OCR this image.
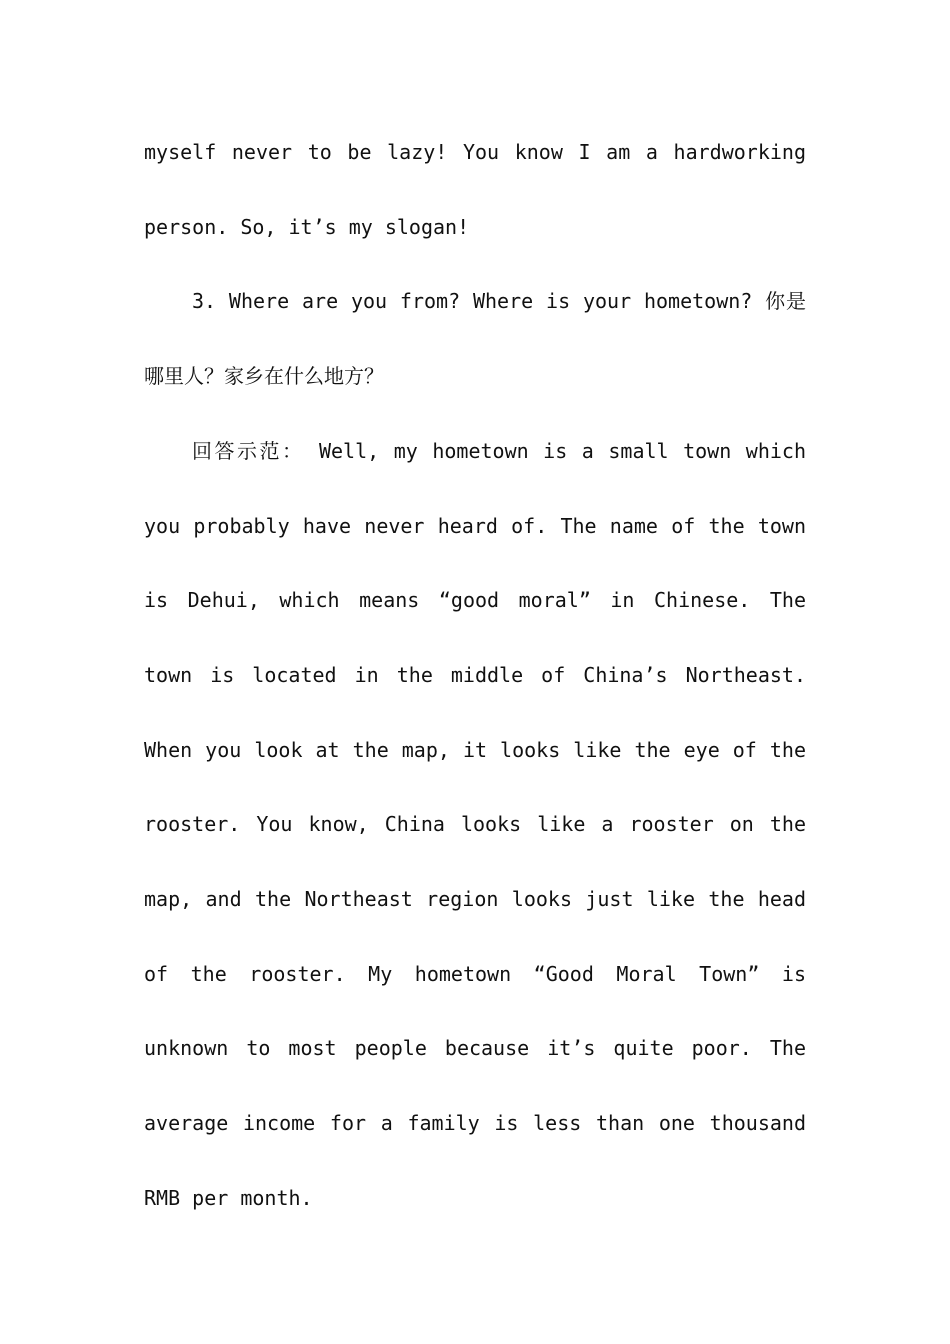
myself never to be lazy! You know I am a hardworking
person. So, it’s my slogan!
3. Where are you from? Where is your hometown? 你是
哪里人？家乡在什么地方？
回答示范： Well, my hometown is a small town which
you probably have never heard of. The name of the town
is Dehui, which means “good moral” in Chinese. The
town is located in the middle of China’s Northeast.
When you look at the map, it looks like the eye of the
rooster. You know, China looks like a rooster on the
map, and the Northeast region looks just like the head
of the rooster. My hometown “Good Moral Town” is
unknown to most people because it’s quite poor. The
average income for a family is less than one thousand
RMB per month.
